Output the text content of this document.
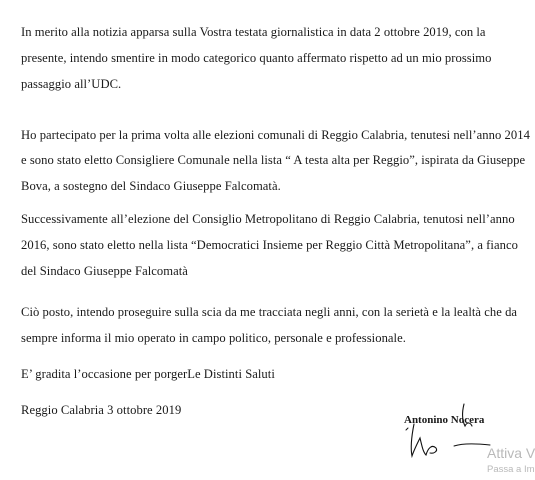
In merito alla notizia apparsa sulla Vostra testata giornalistica in data 2 ottobre 2019, con la
presente, intendo smentire in modo categorico quanto affermato rispetto ad un mio prossimo
passaggio all’UDC.
Ho partecipato per la prima volta alle elezioni comunali di Reggio Calabria, tenutesi nell’anno 2014
e sono stato eletto Consigliere Comunale nella lista “ A testa alta per Reggio”, ispirata da Giuseppe
Bova, a sostegno del Sindaco Giuseppe Falcomatà.
Successivamente all’elezione del Consiglio Metropolitano di Reggio Calabria, tenutosi nell’anno
2016, sono stato eletto nella lista “Democratici Insieme per Reggio Città Metropolitana”, a fianco
del Sindaco Giuseppe Falcomatà
Ciò posto, intendo proseguire sulla scia da me tracciata negli anni, con la serietà e la lealtà che da
sempre informa il mio operato in campo politico, personale e professionale.
E’ gradita l’occasione per porgerLe Distinti Saluti
Reggio Calabria 3 ottobre 2019
Antonino Nocera
Attiva V
Passa a Im
